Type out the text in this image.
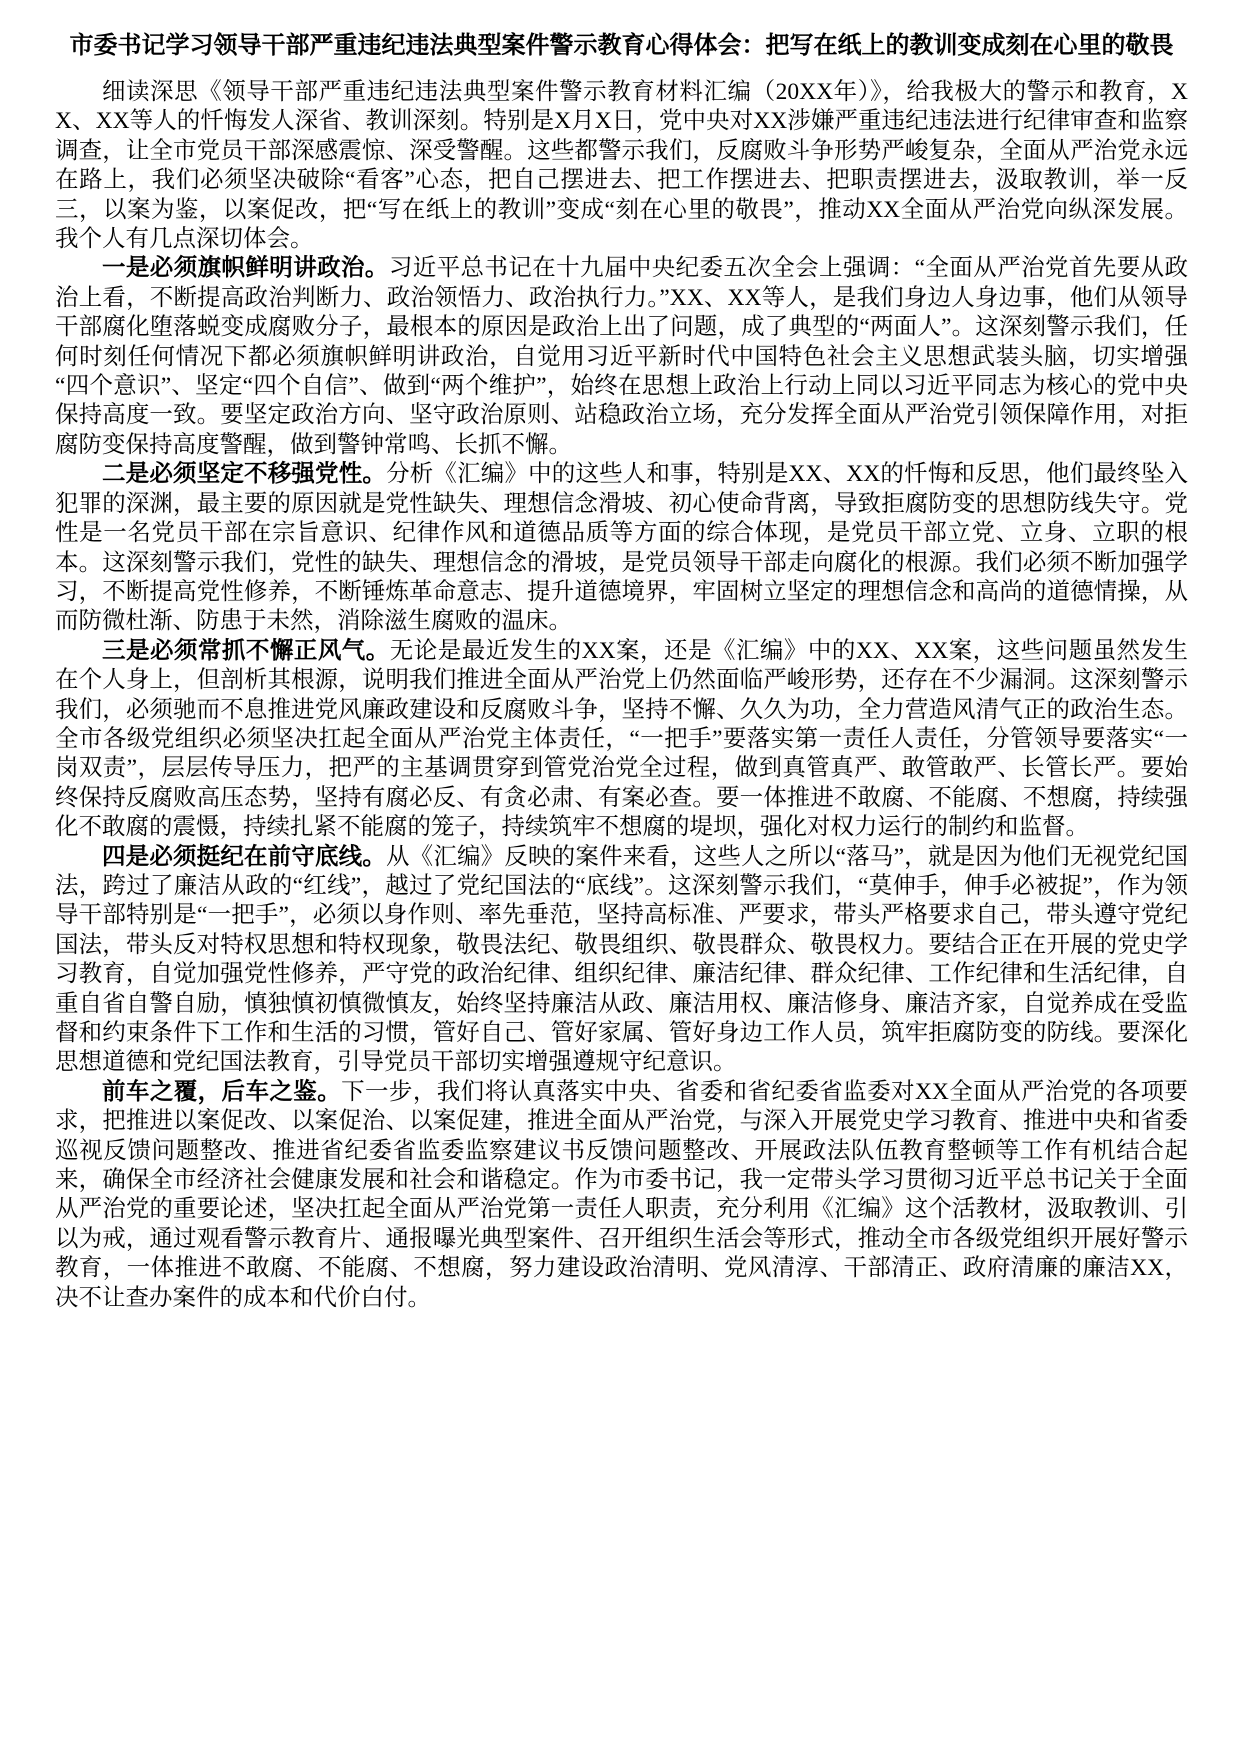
市委书记学习领导干部严重违纪违法典型案件警示教育心得体会：把写在纸上的教训变成刻在心里的敬畏

细读深思《领导干部严重违纪违法典型案件警示教育材料汇编（20XX年）》，给我极大的警示和教育，XX、XX等人的忏悔发人深省、教训深刻。特别是X月X日，党中央对XX涉嫌严重违纪违法进行纪律审查和监察调查，让全市党员干部深感震惊、深受警醒。这些都警示我们，反腐败斗争形势严峻复杂，全面从严治党永远在路上，我们必须坚决破除“看客”心态，把自己摆进去、把工作摆进去、把职责摆进去，汲取教训，举一反三，以案为鉴，以案促改，把“写在纸上的教训”变成“刻在心里的敬畏”，推动XX全面从严治党向纵深发展。我个人有几点深切体会。

一是必须旗帜鲜明讲政治。习近平总书记在十九届中央纪委五次全会上强调：“全面从严治党首先要从政治上看，不断提高政治判断力、政治领悟力、政治执行力。”XX、XX等人，是我们身边人身边事，他们从领导干部腐化堕落蜕变成腐败分子，最根本的原因是政治上出了问题，成了典型的“两面人”。这深刻警示我们，任何时刻任何情况下都必须旗帜鲜明讲政治，自觉用习近平新时代中国特色社会主义思想武装头脑，切实增强“四个意识”、坚定“四个自信”、做到“两个维护”，始终在思想上政治上行动上同以习近平同志为核心的党中央保持高度一致。要坚定政治方向、坚守政治原则、站稳政治立场，充分发挥全面从严治党引领保障作用，对拒腐防变保持高度警醒，做到警钟常鸣、长抓不懈。

二是必须坚定不移强党性。分析《汇编》中的这些人和事，特别是XX、XX的忏悔和反思，他们最终坠入犯罪的深渊，最主要的原因就是党性缺失、理想信念滑坡、初心使命背离，导致拒腐防变的思想防线失守。党性是一名党员干部在宗旨意识、纪律作风和道德品质等方面的综合体现，是党员干部立党、立身、立职的根本。这深刻警示我们，党性的缺失、理想信念的滑坡，是党员领导干部走向腐化的根源。我们必须不断加强学习，不断提高党性修养，不断锤炼革命意志、提升道德境界，牢固树立坚定的理想信念和高尚的道德情操，从而防微杜渐、防患于未然，消除滋生腐败的温床。

三是必须常抓不懈正风气。无论是最近发生的XX案，还是《汇编》中的XX、XX案，这些问题虽然发生在个人身上，但剖析其根源，说明我们推进全面从严治党上仍然面临严峻形势，还存在不少漏洞。这深刻警示我们，必须驰而不息推进党风廉政建设和反腐败斗争，坚持不懈、久久为功，全力营造风清气正的政治生态。全市各级党组织必须坚决扛起全面从严治党主体责任，“一把手”要落实第一责任人责任，分管领导要落实“一岗双责”，层层传导压力，把严的主基调贯穿到管党治党全过程，做到真管真严、敢管敢严、长管长严。要始终保持反腐败高压态势，坚持有腐必反、有贪必肃、有案必查。要一体推进不敢腐、不能腐、不想腐，持续强化不敢腐的震慑，持续扎紧不能腐的笼子，持续筑牢不想腐的堤坝，强化对权力运行的制约和监督。

四是必须挺纪在前守底线。从《汇编》反映的案件来看，这些人之所以“落马”，就是因为他们无视党纪国法，跨过了廉洁从政的“红线”，越过了党纪国法的“底线”。这深刻警示我们，“莫伸手，伸手必被捉”，作为领导干部特别是“一把手”，必须以身作则、率先垂范，坚持高标准、严要求，带头严格要求自己，带头遵守党纪国法，带头反对特权思想和特权现象，敬畏法纪、敬畏组织、敬畏群众、敬畏权力。要结合正在开展的党史学习教育，自觉加强党性修养，严守党的政治纪律、组织纪律、廉洁纪律、群众纪律、工作纪律和生活纪律，自重自省自警自励，慎独慎初慎微慎友，始终坚持廉洁从政、廉洁用权、廉洁修身、廉洁齐家，自觉养成在受监督和约束条件下工作和生活的习惯，管好自己、管好家属、管好身边工作人员，筑牢拒腐防变的防线。要深化思想道德和党纪国法教育，引导党员干部切实增强遵规守纪意识。

前车之覆，后车之鉴。下一步，我们将认真落实中央、省委和省纪委省监委对XX全面从严治党的各项要求，把推进以案促改、以案促治、以案促建，推进全面从严治党，与深入开展党史学习教育、推进中央和省委巡视反馈问题整改、推进省纪委省监委监察建议书反馈问题整改、开展政法队伍教育整顿等工作有机结合起来，确保全市经济社会健康发展和社会和谐稳定。作为市委书记，我一定带头学习贯彻习近平总书记关于全面从严治党的重要论述，坚决扛起全面从严治党第一责任人职责，充分利用《汇编》这个活教材，汲取教训、引以为戒，通过观看警示教育片、通报曝光典型案件、召开组织生活会等形式，推动全市各级党组织开展好警示教育，一体推进不敢腐、不能腐、不想腐，努力建设政治清明、党风清淳、干部清正、政府清廉的廉洁XX，决不让查办案件的成本和代价白付。
